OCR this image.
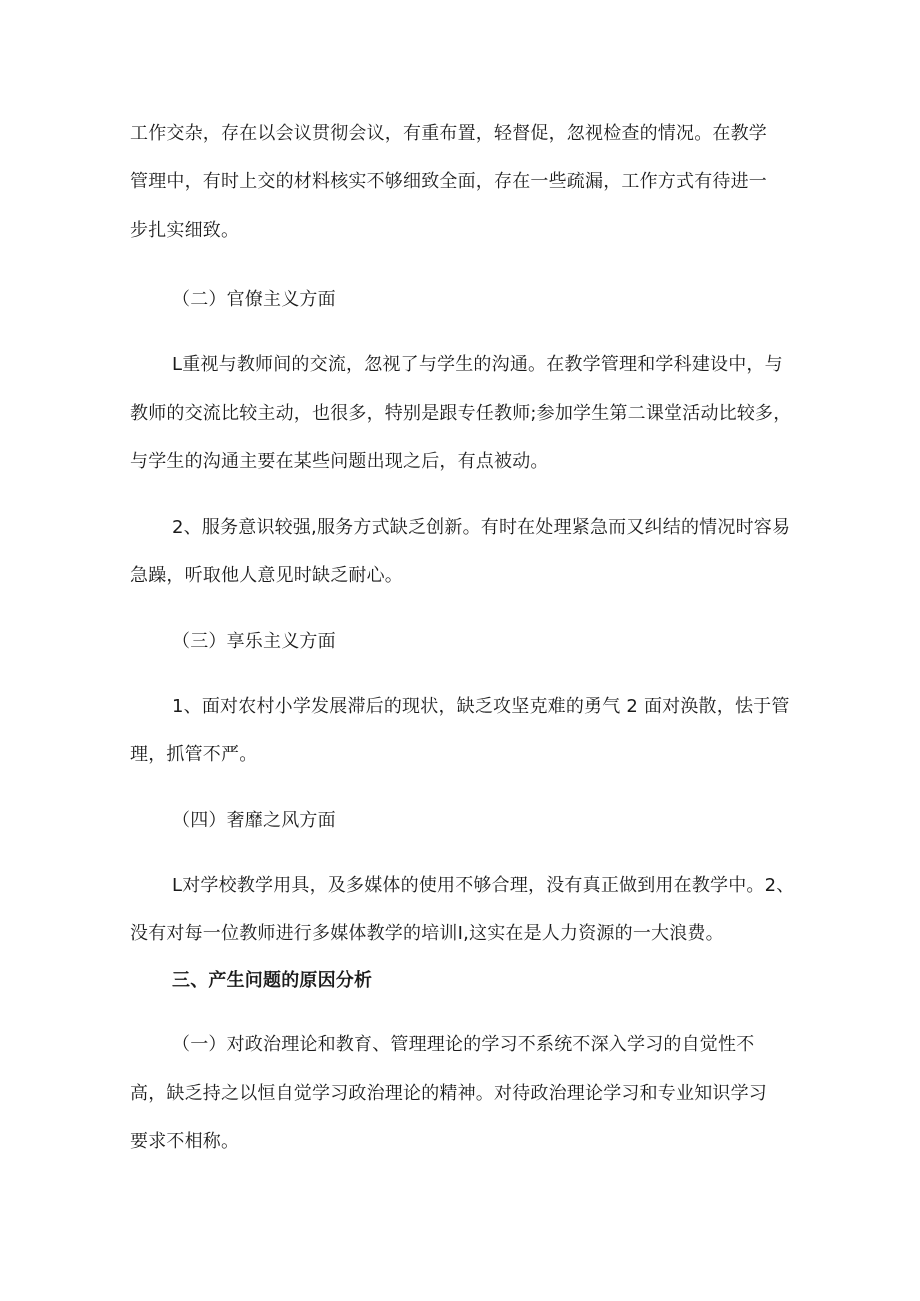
工作交杂，存在以会议贯彻会议，有重布置，轻督促，忽视检查的情况。在教学
管理中，有时上交的材料核实不够细致全面，存在一些疏漏，工作方式有待进一
步扎实细致。
（二）官僚主义方面
L重视与教师间的交流，忽视了与学生的沟通。在教学管理和学科建设中，与
教师的交流比较主动，也很多，特别是跟专任教师;参加学生第二课堂活动比较多，
与学生的沟通主要在某些问题出现之后，有点被动。
2、服务意识较强,服务方式缺乏创新。有时在处理紧急而又纠结的情况时容易
急躁，听取他人意见时缺乏耐心。
（三）享乐主义方面
1、面对农村小学发展滞后的现状，缺乏攻坚克难的勇气 2 面对涣散，怯于管
理，抓管不严。
（四）奢靡之风方面
L对学校教学用具，及多媒体的使用不够合理，没有真正做到用在教学中。2、
没有对每一位教师进行多媒体教学的培训I,这实在是人力资源的一大浪费。
三、产生问题的原因分析
（一）对政治理论和教育、管理理论的学习不系统不深入学习的自觉性不
高，缺乏持之以恒自觉学习政治理论的精神。对待政治理论学习和专业知识学习
要求不相称。
